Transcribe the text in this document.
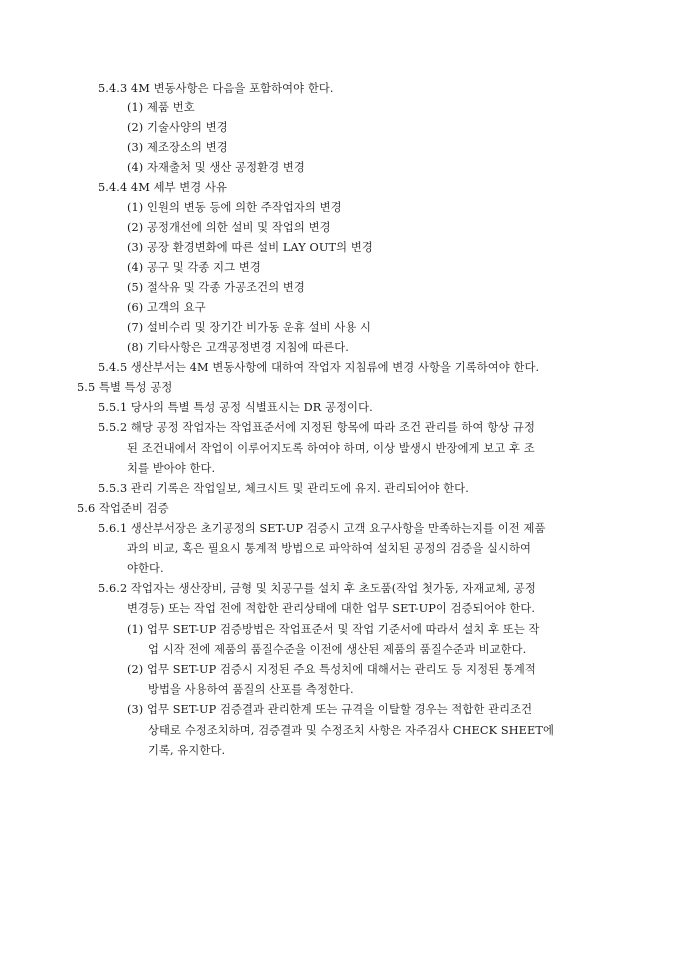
5.4.3 4M 변동사항은 다음을 포함하여야 한다.
(1) 제품 번호
(2) 기술사양의 변경
(3) 제조장소의 변경
(4) 자재출처 및 생산 공정환경 변경
5.4.4 4M 세부 변경 사유
(1) 인원의 변동 등에 의한 주작업자의 변경
(2) 공정개선에 의한 설비 및 작업의 변경
(3) 공장 환경변화에 따른 설비 LAY OUT의 변경
(4) 공구 및 각종 지그 변경
(5) 절삭유 및 각종 가공조건의 변경
(6) 고객의 요구
(7) 설비수리 및 장기간 비가동 운휴 설비 사용 시
(8) 기타사항은 고객공정변경 지침에 따른다.
5.4.5 생산부서는 4M 변동사항에 대하여 작업자 지침류에 변경 사항을 기록하여야 한다.
5.5 특별 특성 공정
5.5.1 당사의 특별 특성 공정 식별표시는 DR 공정이다.
5.5.2 해당 공정 작업자는 작업표준서에 지정된 항목에 따라 조건 관리를 하여 항상 규정
된 조건내에서 작업이 이루어지도록 하여야 하며, 이상 발생시 반장에게 보고 후 조
치를 받아야 한다.
5.5.3 관리 기록은 작업일보, 체크시트 및 관리도에 유지. 관리되어야 한다.
5.6 작업준비 검증
5.6.1 생산부서장은 초기공정의 SET-UP 검증시 고객 요구사항을 만족하는지를 이전 제품
과의 비교, 혹은 필요시 통계적 방법으로 파악하여 설치된 공정의 검증을 실시하여
야한다.
5.6.2 작업자는 생산장비, 금형 및 치공구를 설치 후 초도품(작업 첫가동, 자재교체, 공정
변경등) 또는 작업 전에 적합한 관리상태에 대한 업무 SET-UP이 검증되어야 한다.
(1) 업무 SET-UP 검증방법은 작업표준서 및 작업 기준서에 따라서 설치 후 또는 작
업 시작 전에 제품의 품질수준을 이전에 생산된 제품의 품질수준과 비교한다.
(2) 업무 SET-UP 검증시 지정된 주요 특성치에 대해서는 관리도 등 지정된 통계적
방법을 사용하여 품질의 산포를 측정한다.
(3) 업무 SET-UP 검증결과 관리한계 또는 규격을 이탈할 경우는 적합한 관리조건
상태로 수정조치하며, 검증결과 및 수정조치 사항은 자주검사 CHECK SHEET에
기록, 유지한다.
